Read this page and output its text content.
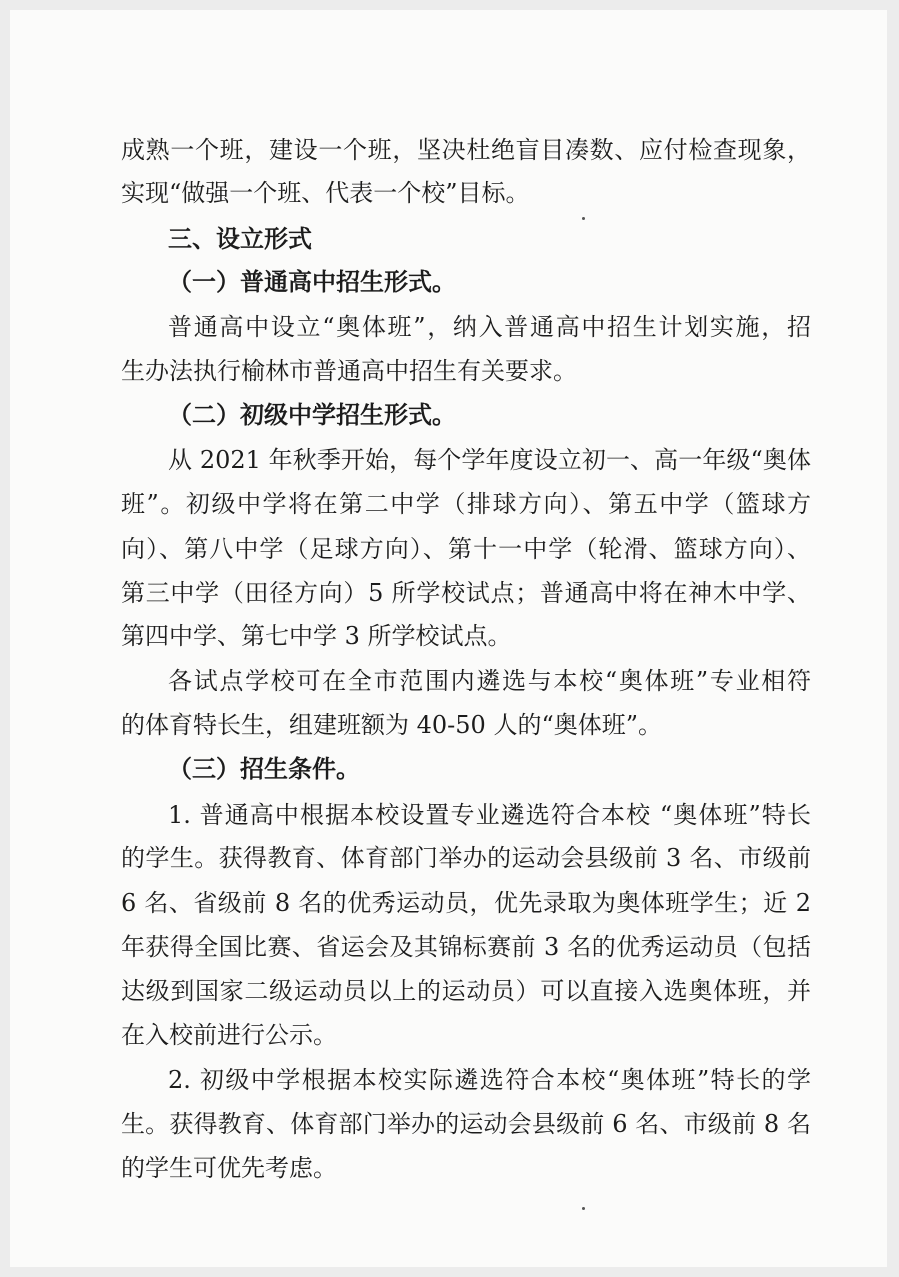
成熟一个班，建设一个班，坚决杜绝盲目凑数、应付检查现象，
实现“做强一个班、代表一个校”目标。
三、设立形式
（一）普通高中招生形式。
普通高中设立“奥体班”，纳入普通高中招生计划实施，招
生办法执行榆林市普通高中招生有关要求。
（二）初级中学招生形式。
从 2021 年秋季开始，每个学年度设立初一、高一年级“奥体
班”。初级中学将在第二中学（排球方向）、第五中学（篮球方
向）、第八中学（足球方向）、第十一中学（轮滑、篮球方向）、
第三中学（田径方向）5 所学校试点；普通高中将在神木中学、
第四中学、第七中学 3 所学校试点。
各试点学校可在全市范围内遴选与本校“奥体班”专业相符
的体育特长生，组建班额为 40-50 人的“奥体班”。
（三）招生条件。
1. 普通高中根据本校设置专业遴选符合本校 “奥体班”特长
的学生。获得教育、体育部门举办的运动会县级前 3 名、市级前
6 名、省级前 8 名的优秀运动员，优先录取为奥体班学生；近 2
年获得全国比赛、省运会及其锦标赛前 3 名的优秀运动员（包括
达级到国家二级运动员以上的运动员）可以直接入选奥体班，并
在入校前进行公示。
2. 初级中学根据本校实际遴选符合本校“奥体班”特长的学
生。获得教育、体育部门举办的运动会县级前 6 名、市级前 8 名
的学生可优先考虑。
